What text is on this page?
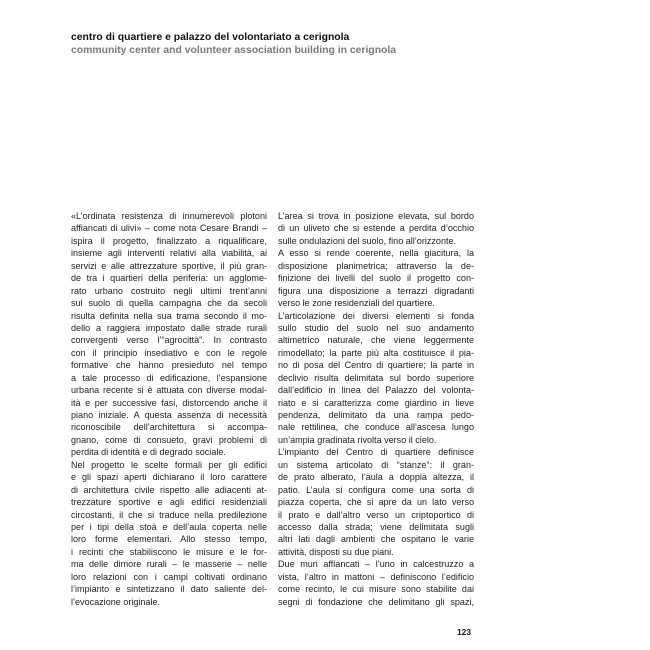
centro di quartiere e palazzo del volontariato a cerignola

community center and volunteer association building in cerignola

«L’ordinata resistenza di innumerevoli plotoni
affiancati di ulivi» – come nota Cesare Brandi –
ispira il progetto, finalizzato a riqualificare,
insieme agli interventi relativi alla viabilità, ai
servizi e alle attrezzature sportive, il più gran-
de tra i quartieri della periferia: un agglome-
rato urbano costruito negli ultimi trent’anni
sul suolo di quella campagna che da secoli
risulta definita nella sua trama secondo il mo-
dello a raggiera impostato dalle strade rurali
convergenti verso l’“agrocittà”. In contrasto
con il principio insediativo e con le regole
formative che hanno presieduto nel tempo
a tale processo di edificazione, l’espansione
urbana recente si è attuata con diverse modal-
ità e per successive fasi, distorcendo anche il
piano iniziale. A questa assenza di necessità
riconoscibile dell’architettura si accompa-
gnano, come di consueto, gravi problemi di
perdita di identità e di degrado sociale.
Nel progetto le scelte formali per gli edifici
e gli spazi aperti dichiarano il loro carattere
di architettura civile rispetto alle adiacenti at-
trezzature sportive e agli edifici residenziali
circostanti, il che si traduce nella predilezione
per i tipi della stoà e dell’aula coperta nelle
loro forme elementari. Allo stesso tempo,
i recinti che stabiliscono le misure e le for-
ma delle dimore rurali – le masserie – nelle
loro relazioni con i campi coltivati ordinano
l’impianto e sintetizzano il dato saliente del-
l’evocazione originale.
L’area si trova in posizione elevata, sul bordo
di un uliveto che si estende a perdita d’occhio
sulle ondulazioni del suolo, fino all’orizzonte.
A esso si rende coerente, nella giacitura, la
disposizione planimetrica; attraverso la de-
finizione dei livelli del suolo il progetto con-
figura una disposizione a terrazzi digradanti
verso le zone residenziali del quartiere.
L’articolazione dei diversi elementi si fonda
sullo studio del suolo nel suo andamento
altimetrico naturale, che viene leggermente
rimodellato; la parte più alta costituisce il pia-
no di posa del Centro di quartiere; la parte in
declivio risulta delimitata sul bordo superiore
dall’edificio in linea del Palazzo del volonta-
riato e si caratterizza come giardino in lieve
pendenza, delimitato da una rampa pedo-
nale rettilinea, che conduce all’ascesa lungo
un’ampia gradinata rivolta verso il cielo.
L’impianto del Centro di quartiere definisce
un sistema articolato di “stanze”: il gran-
de prato alberato, l’aula a doppia altezza, il
patio. L’aula si configura come una sorta di
piazza coperta, che si apre da un lato verso
il prato e dall’altro verso un criptoportico di
accesso dalla strada; viene delimitata sugli
altri lati dagli ambienti che ospitano le varie
attività, disposti su due piani.
Due muri affiancati – l’uno in calcestruzzo a
vista, l’altro in mattoni – definiscono l’edificio
come recinto, le cui misure sono stabilite dai
segni di fondazione che delimitano gli spazi,
123
